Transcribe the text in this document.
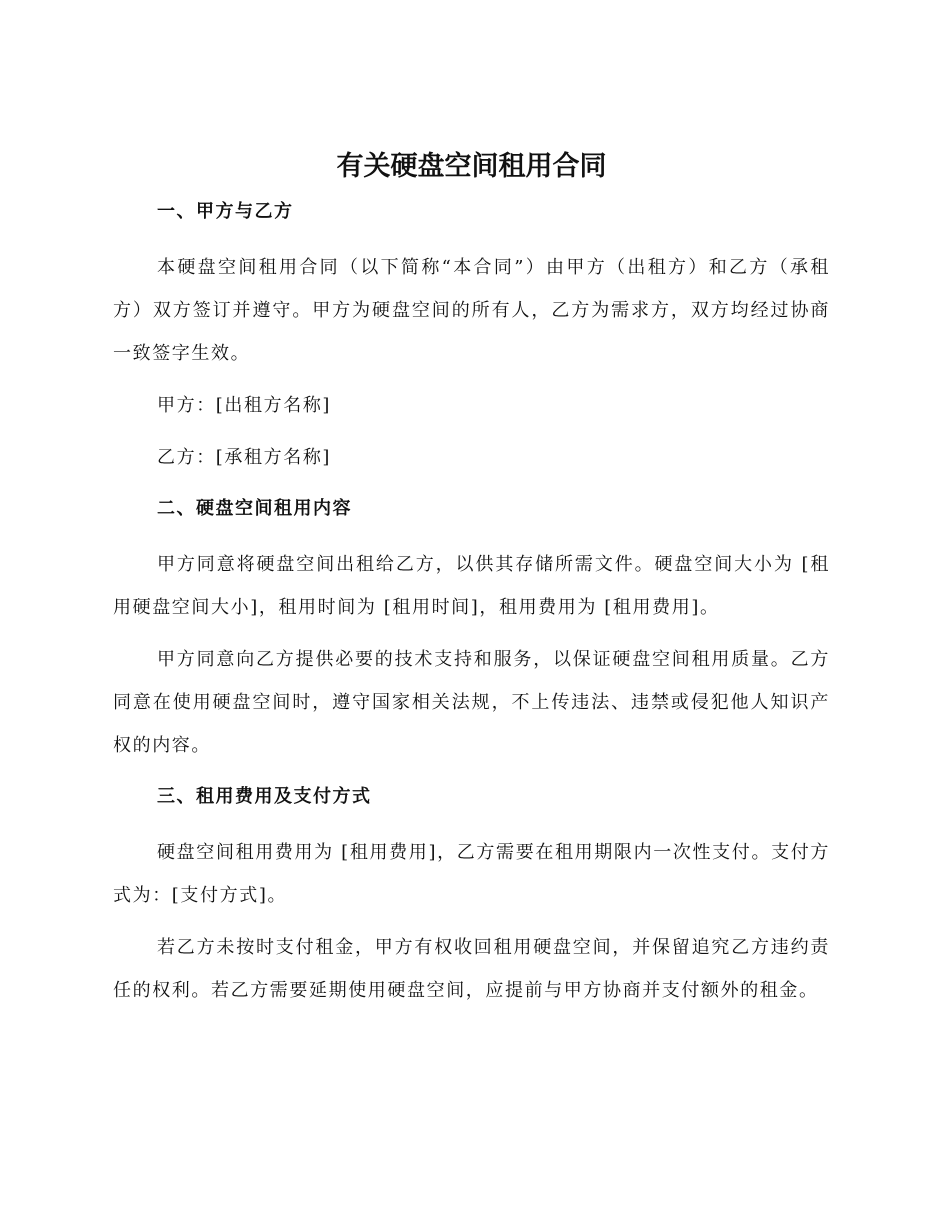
有关硬盘空间租用合同
一、甲方与乙方

本硬盘空间租用合同（以下简称“本合同”）由甲方（出租方）和乙方（承租方）双方签订并遵守。甲方为硬盘空间的所有人，乙方为需求方，双方均经过协商一致签字生效。

甲方：[出租方名称]

乙方：[承租方名称]

二、硬盘空间租用内容

甲方同意将硬盘空间出租给乙方，以供其存储所需文件。硬盘空间大小为 [租用硬盘空间大小]，租用时间为 [租用时间]，租用费用为 [租用费用]。

甲方同意向乙方提供必要的技术支持和服务，以保证硬盘空间租用质量。乙方同意在使用硬盘空间时，遵守国家相关法规，不上传违法、违禁或侵犯他人知识产权的内容。

三、租用费用及支付方式

硬盘空间租用费用为 [租用费用]，乙方需要在租用期限内一次性支付。支付方式为：[支付方式]。

若乙方未按时支付租金，甲方有权收回租用硬盘空间，并保留追究乙方违约责任的权利。若乙方需要延期使用硬盘空间，应提前与甲方协商并支付额外的租金。
